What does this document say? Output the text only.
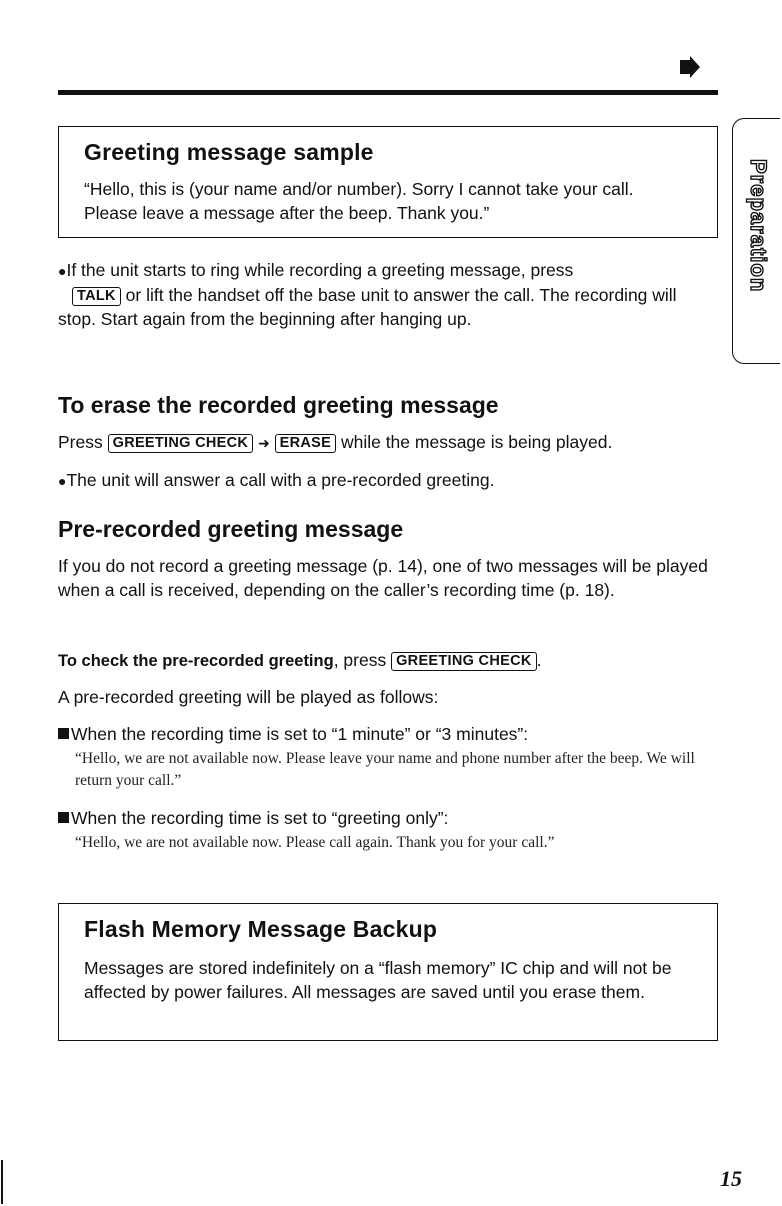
Preparation
Greeting message sample
“Hello, this is (your name and/or number). Sorry I cannot take your call. Please leave a message after the beep. Thank you.”
●If the unit starts to ring while recording a greeting message, press
TALK or lift the handset off the base unit to answer the call. The recording will stop. Start again from the beginning after hanging up.
To erase the recorded greeting message
Press GREETING CHECK ➜ ERASE while the message is being played.
●The unit will answer a call with a pre-recorded greeting.
Pre-recorded greeting message
If you do not record a greeting message (p. 14), one of two messages will be played when a call is received, depending on the caller’s recording time (p. 18).
To check the pre-recorded greeting, press GREETING CHECK .
A pre-recorded greeting will be played as follows:
When the recording time is set to “1 minute” or “3 minutes”:
“Hello, we are not available now. Please leave your name and phone number after the beep. We will return your call.”
When the recording time is set to “greeting only”:
“Hello, we are not available now. Please call again. Thank you for your call.”
Flash Memory Message Backup
Messages are stored indefinitely on a “flash memory” IC chip and will not be affected by power failures. All messages are saved until you erase them.
15
